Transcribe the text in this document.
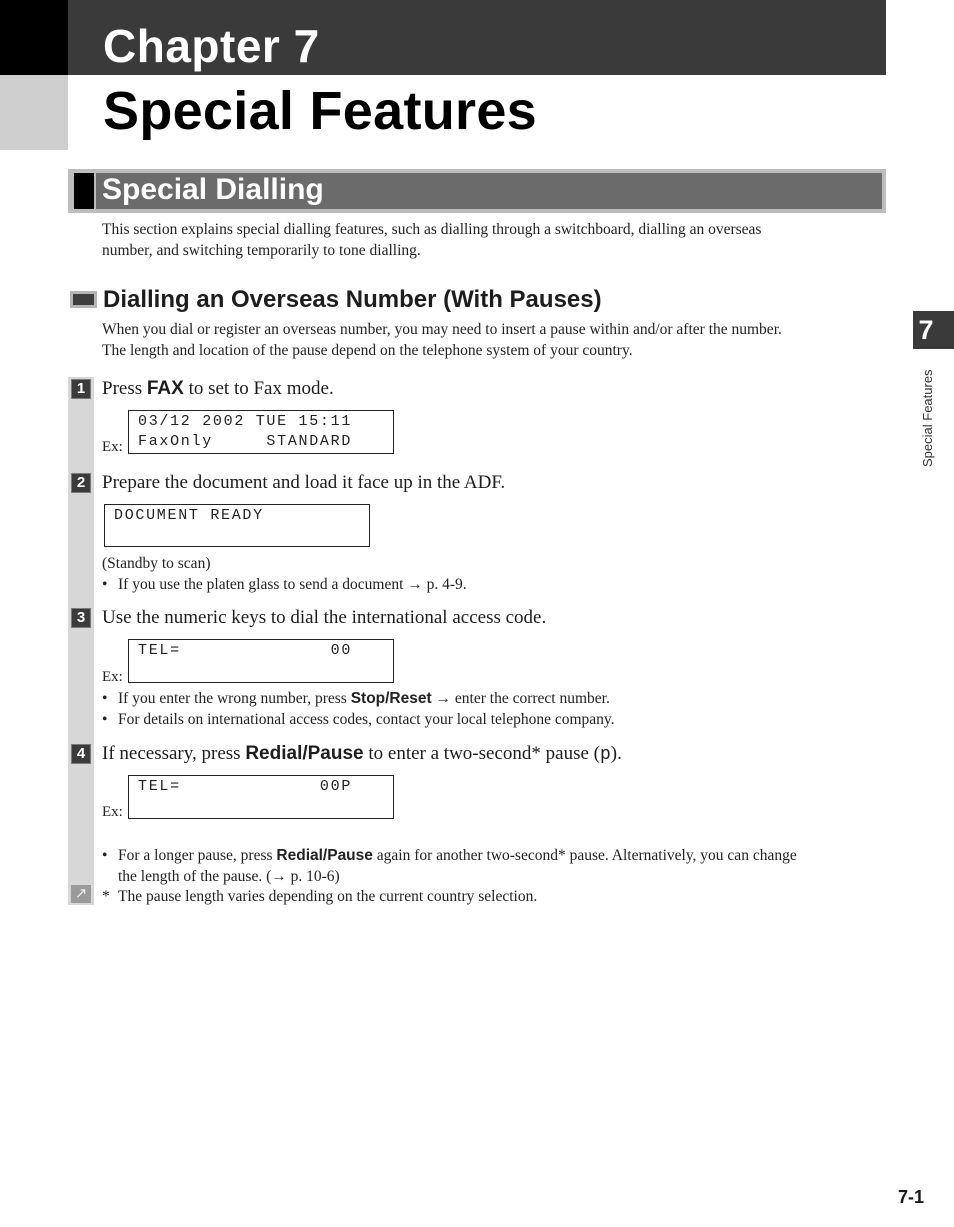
Chapter 7
Special Features
Special Dialling
This section explains special dialling features, such as dialling through a switchboard, dialling an overseas
number, and switching temporarily to tone dialling.
Dialling an Overseas Number (With Pauses)
When you dial or register an overseas number, you may need to insert a pause within and/or after the number.
The length and location of the pause depend on the telephone system of your country.
1
2
3
4
↗
Press FAX to set to Fax mode.
Ex:
03/12 2002 TUE 15:11
FaxOnly     STANDARD
Prepare the document and load it face up in the ADF.
DOCUMENT READY
(Standby to scan)
• If you use the platen glass to send a document → p. 4-9.
Use the numeric keys to dial the international access code.
Ex:
TEL=              00
• If you enter the wrong number, press Stop/Reset → enter the correct number.
• For details on international access codes, contact your local telephone company.
If necessary, press Redial/Pause to enter a two-second* pause (p).
Ex:
TEL=             00P
• For a longer pause, press Redial/Pause again for another two-second* pause. Alternatively, you can change
the length of the pause. (→ p. 10-6)
* The pause length varies depending on the current country selection.
7
Special Features
7-1
